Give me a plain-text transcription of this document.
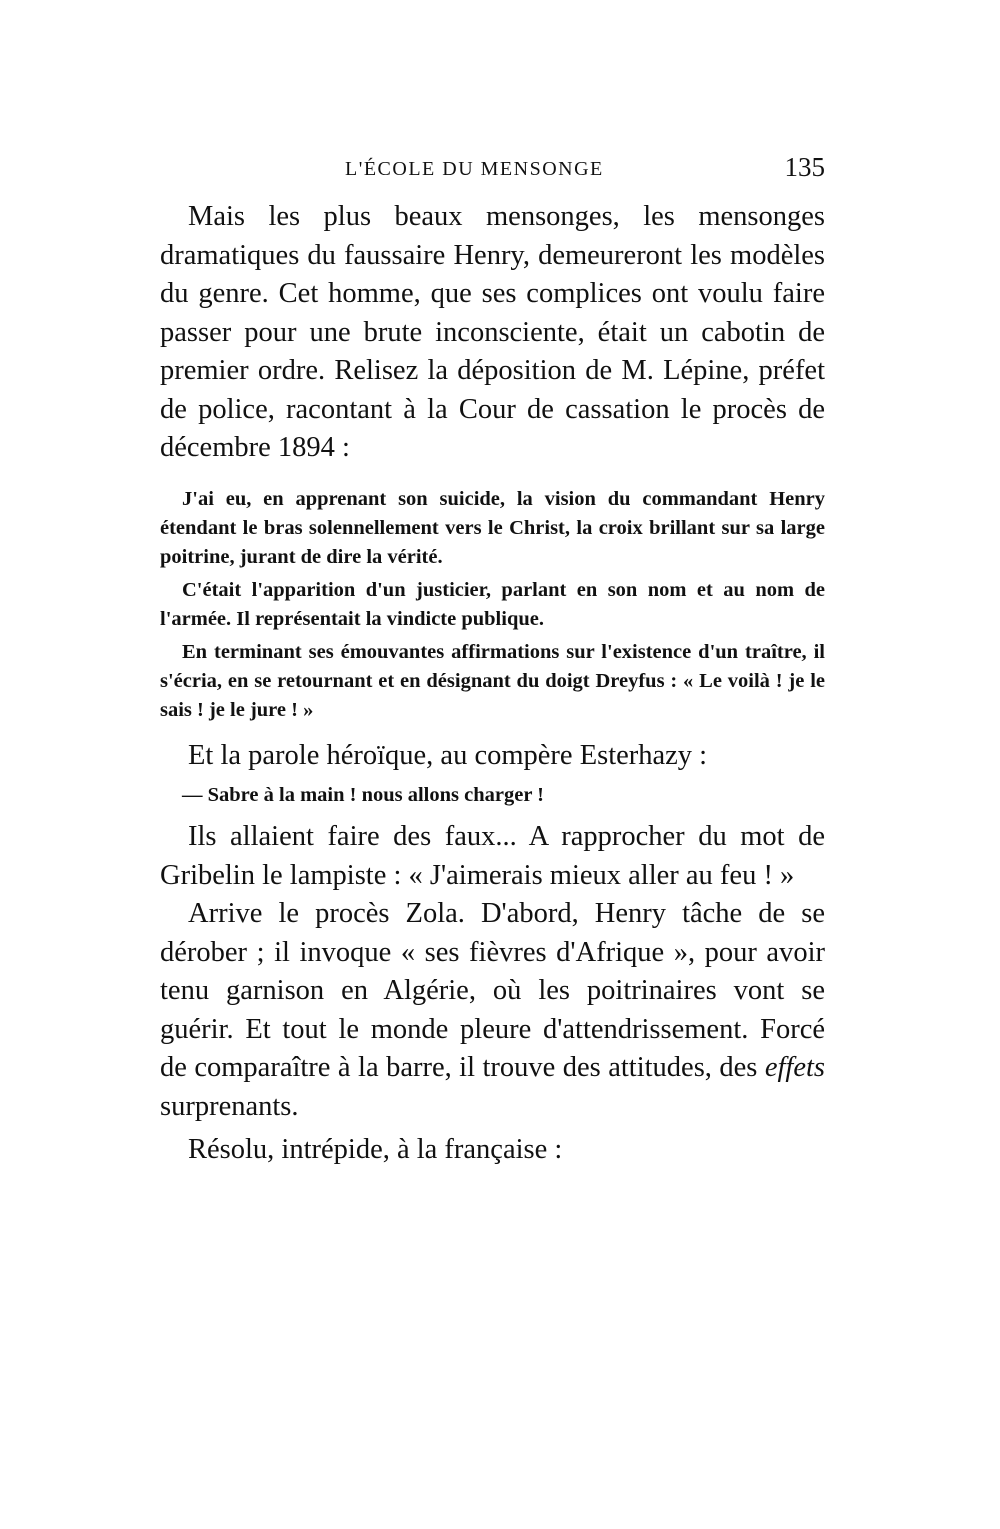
L'ÉCOLE DU MENSONGE	135

Mais les plus beaux mensonges, les mensonges dramatiques du faussaire Henry, demeureront les modèles du genre. Cet homme, que ses complices ont voulu faire passer pour une brute inconsciente, était un cabotin de premier ordre. Relisez la déposition de M. Lépine, préfet de police, racontant à la Cour de cassation le procès de décembre 1894 :

J'ai eu, en apprenant son suicide, la vision du commandant Henry étendant le bras solennellement vers le Christ, la croix brillant sur sa large poitrine, jurant de dire la vérité.

C'était l'apparition d'un justicier, parlant en son nom et au nom de l'armée. Il représentait la vindicte publique.

En terminant ses émouvantes affirmations sur l'existence d'un traître, il s'écria, en se retournant et en désignant du doigt Dreyfus : « Le voilà ! je le sais ! je le jure ! »

Et la parole héroïque, au compère Esterhazy :

— Sabre à la main ! nous allons charger !

Ils allaient faire des faux... A rapprocher du mot de Gribelin le lampiste : « J'aimerais mieux aller au feu ! »

Arrive le procès Zola. D'abord, Henry tâche de se dérober ; il invoque « ses fièvres d'Afrique », pour avoir tenu garnison en Algérie, où les poitrinaires vont se guérir. Et tout le monde pleure d'attendrissement. Forcé de comparaître à la barre, il trouve des attitudes, des effets surprenants.

Résolu, intrépide, à la française :
